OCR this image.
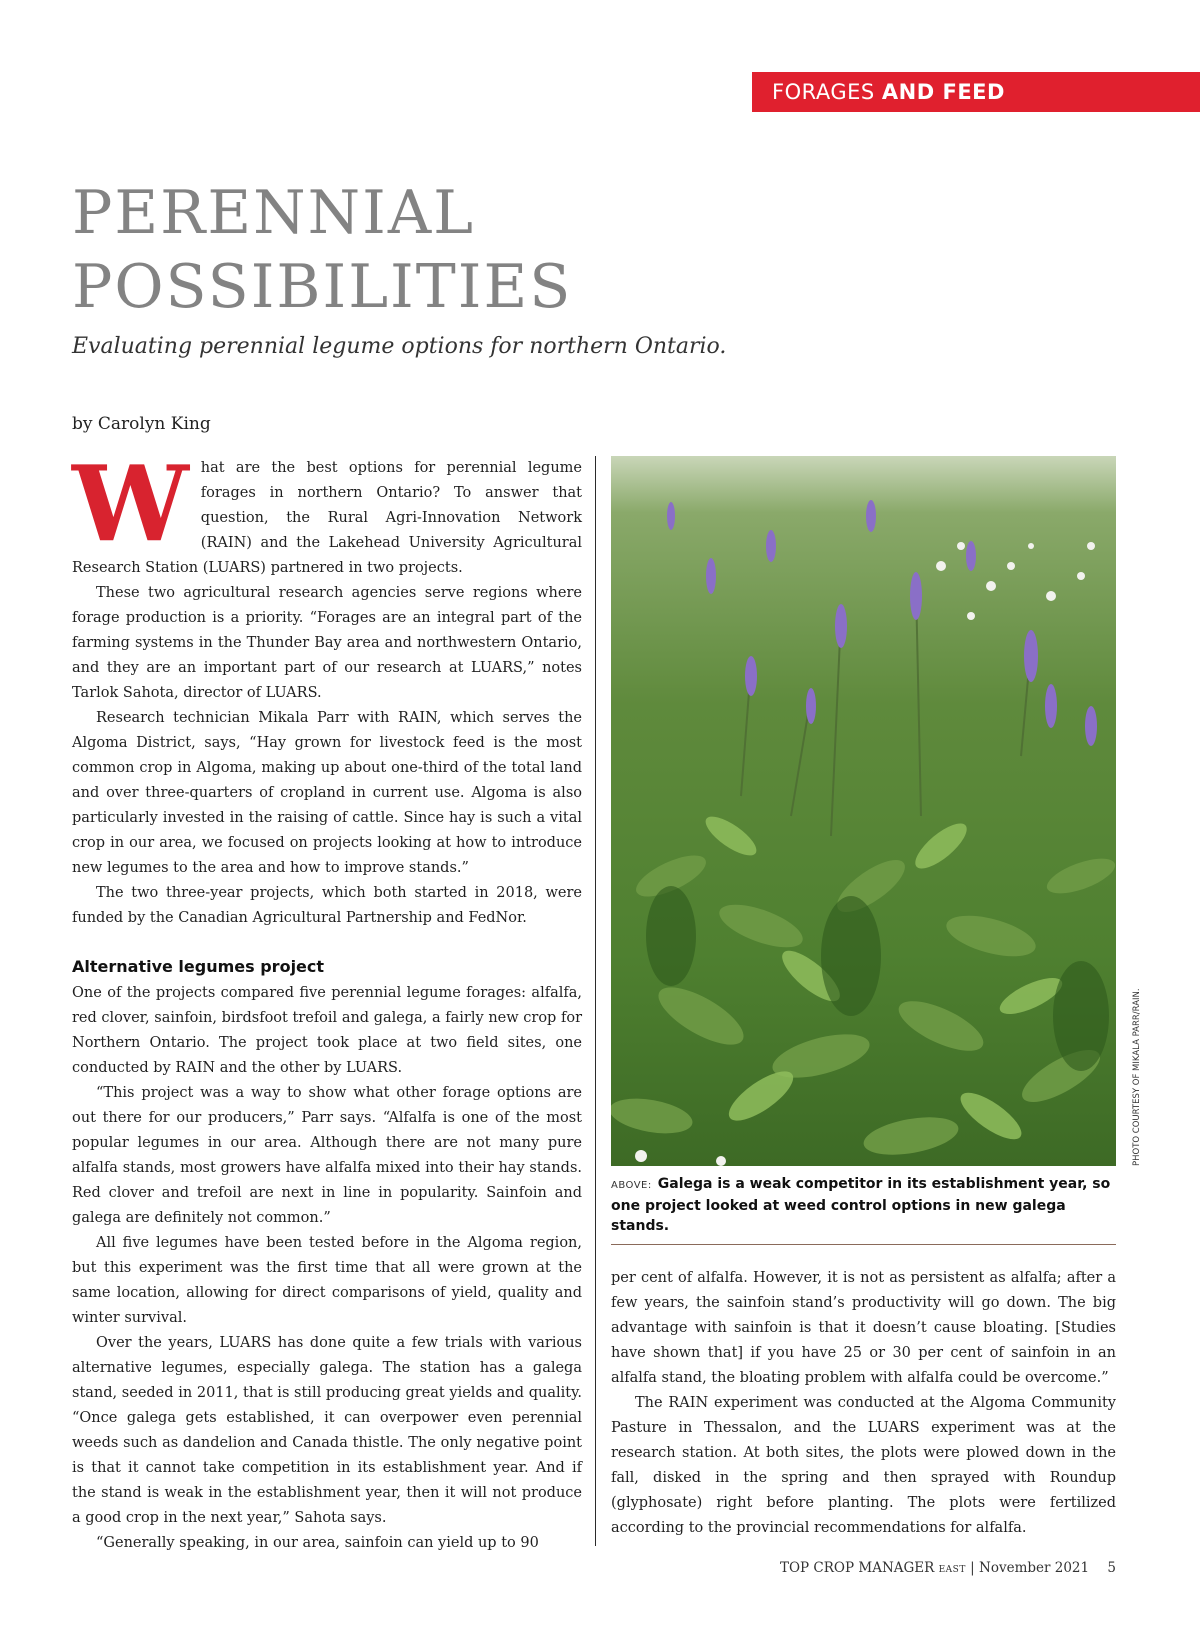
FORAGES AND FEED
PERENNIAL
POSSIBILITIES

Evaluating perennial legume options for northern Ontario.

by Carolyn King

What are the best options for perennial legume forages in northern Ontario? To answer that question, the Rural Agri-Innovation Network (RAIN) and the Lakehead University Agricultural Research Station (LUARS) partnered in two projects.

These two agricultural research agencies serve regions where forage production is a priority. “Forages are an integral part of the farming systems in the Thunder Bay area and northwestern Ontario, and they are an important part of our research at LUARS,” notes Tarlok Sahota, director of LUARS.

Research technician Mikala Parr with RAIN, which serves the Algoma District, says, “Hay grown for livestock feed is the most common crop in Algoma, making up about one-third of the total land and over three-quarters of cropland in current use. Algoma is also particularly invested in the raising of cattle. Since hay is such a vital crop in our area, we focused on projects looking at how to introduce new legumes to the area and how to improve stands.”

The two three-year projects, which both started in 2018, were funded by the Canadian Agricultural Partnership and FedNor.

Alternative legumes project

One of the projects compared five perennial legume forages: alfalfa, red clover, sainfoin, birdsfoot trefoil and galega, a fairly new crop for Northern Ontario. The project took place at two field sites, one conducted by RAIN and the other by LUARS.

“This project was a way to show what other forage options are out there for our producers,” Parr says. “Alfalfa is one of the most popular legumes in our area. Although there are not many pure alfalfa stands, most growers have alfalfa mixed into their hay stands. Red clover and trefoil are next in line in popularity. Sainfoin and galega are definitely not common.”

All five legumes have been tested before in the Algoma region, but this experiment was the first time that all were grown at the same location, allowing for direct comparisons of yield, quality and winter survival.

Over the years, LUARS has done quite a few trials with various alternative legumes, especially galega. The station has a galega stand, seeded in 2011, that is still producing great yields and quality. “Once galega gets established, it can overpower even perennial weeds such as dandelion and Canada thistle. The only negative point is that it cannot take competition in its establishment year. And if the stand is weak in the establishment year, then it will not produce a good crop in the next year,” Sahota says.

“Generally speaking, in our area, sainfoin can yield up to 90

PHOTO COURTESY OF MIKALA PARR/RAIN.
ABOVE: Galega is a weak competitor in its establishment year, so one project looked at weed control options in new galega stands.

per cent of alfalfa. However, it is not as persistent as alfalfa; after a few years, the sainfoin stand’s productivity will go down. The big advantage with sainfoin is that it doesn’t cause bloating. [Studies have shown that] if you have 25 or 30 per cent of sainfoin in an alfalfa stand, the bloating problem with alfalfa could be overcome.”

The RAIN experiment was conducted at the Algoma Community Pasture in Thessalon, and the LUARS experiment was at the research station. At both sites, the plots were plowed down in the fall, disked in the spring and then sprayed with Roundup (glyphosate) right before planting. The plots were fertilized according to the provincial recommendations for alfalfa.

TOP CROP MANAGER EAST | November 2021 5
